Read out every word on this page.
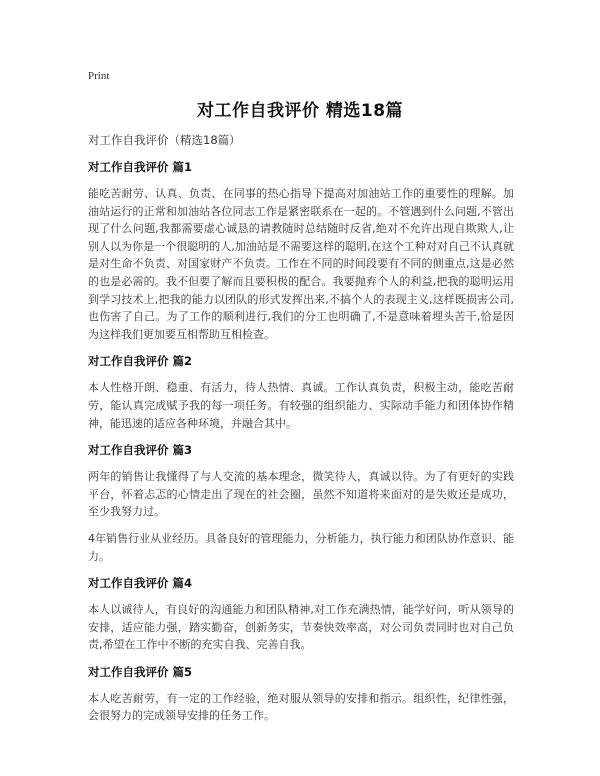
Print
对工作自我评价 精选18篇
对工作自我评价（精选18篇）
对工作自我评价 篇1
能吃苦耐劳、认真、负责、在同事的热心指导下提高对加油站工作的重要性的理解。加油站运行的正常和加油站各位同志工作是紧密联系在一起的。不管遇到什么问题,不管出现了什么问题,我都需要虚心诚恳的请教随时总结随时反省,绝对不允许出现自欺欺人,让别人以为你是一个很聪明的人,加油站是不需要这样的聪明,在这个工种对对自己不认真就是对生命不负责、对国家财产不负责。工作在不同的时间段要有不同的侧重点,这是必然的也是必需的。我不但要了解而且要积极的配合。我要抛弃个人的利益,把我的聪明运用到学习技术上,把我的能力以团队的形式发挥出来,不搞个人的表现主义,这样既损害公司,也伤害了自己。为了工作的顺利进行,我们的分工也明确了,不是意味着埋头苦干,恰是因为这样我们更加要互相帮助互相检查。
对工作自我评价 篇2
本人性格开朗、稳重、有活力，待人热情、真诚。工作认真负责，积极主动，能吃苦耐劳，能认真完成赋予我的每一项任务。有较强的组织能力、实际动手能力和团体协作精神，能迅速的适应各种环境，并融合其中。
对工作自我评价 篇3
两年的销售让我懂得了与人交流的基本理念，微笑待人，真诚以待。为了有更好的实践平台，怀着忐忑的心情走出了现在的社会圈，虽然不知道将来面对的是失败还是成功，至少我努力过。
4年销售行业从业经历。具备良好的管理能力，分析能力，执行能力和团队协作意识、能力。
对工作自我评价 篇4
本人以诚待人，有良好的沟通能力和团队精神,对工作充满热情，能学好问，听从领导的安排，适应能力强，踏实勤奋，创新务实，节奏快效率高，对公司负责同时也对自己负责,希望在工作中不断的充实自我、完善自我。
对工作自我评价 篇5
本人吃苦耐劳，有一定的工作经验，绝对服从领导的安排和指示。组织性，纪律性强，会很努力的完成领导安排的任务工作。
